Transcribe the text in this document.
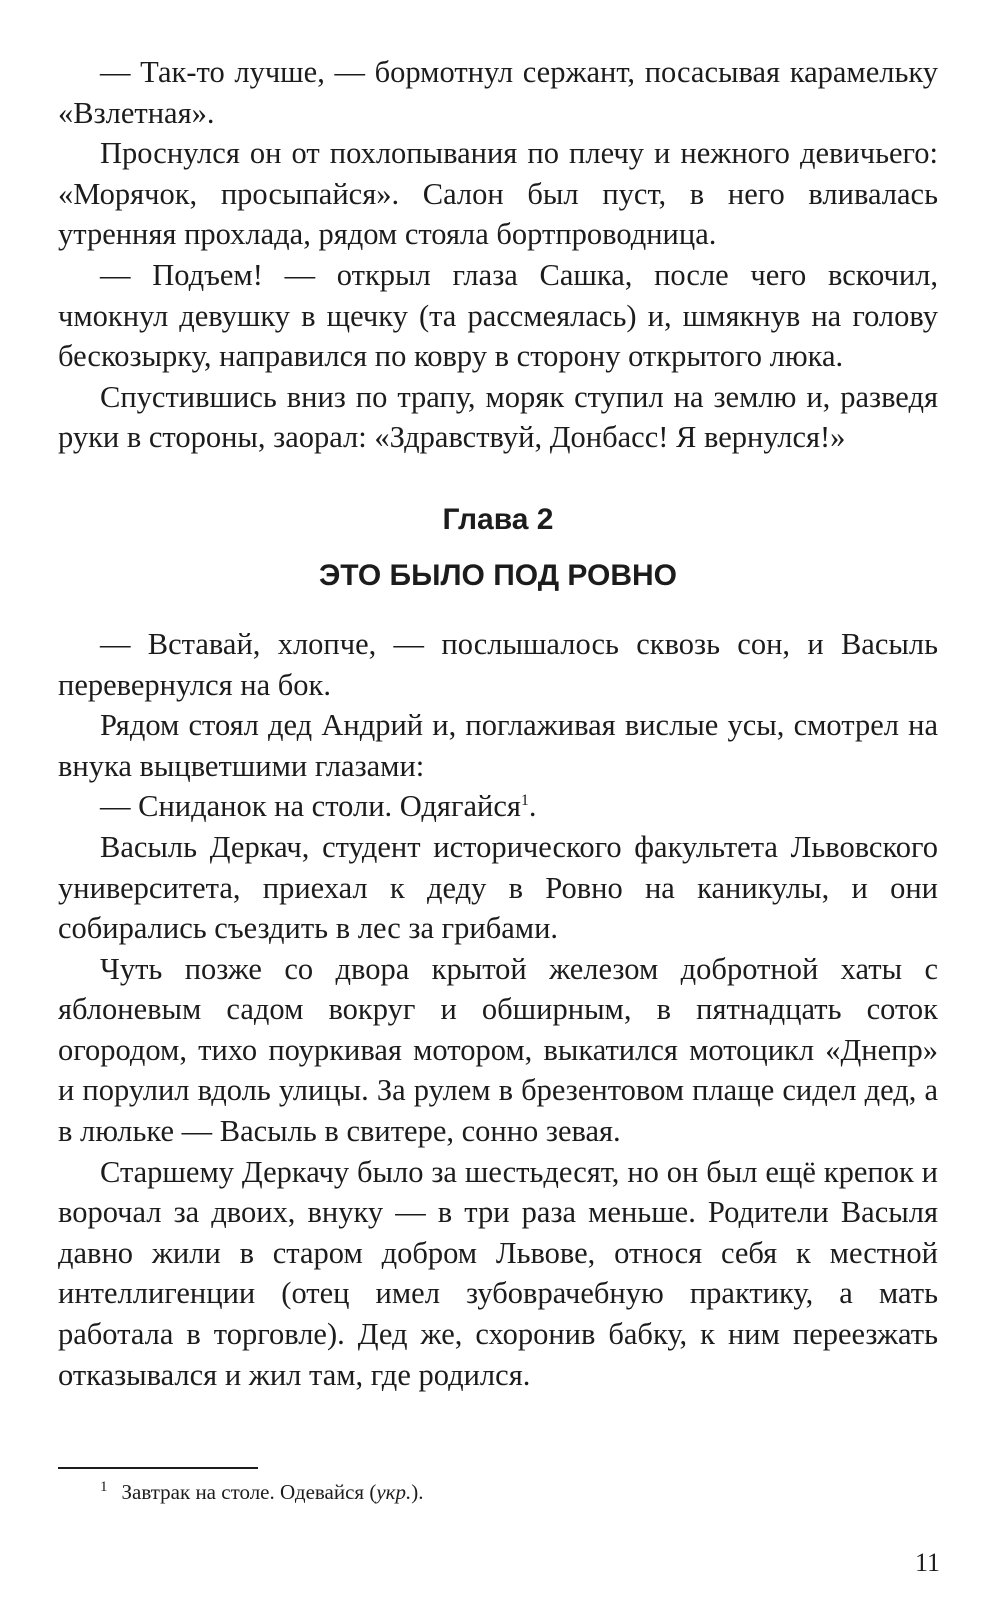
— Так-то лучше, — бормотнул сержант, посасывая карамельку «Взлетная».

Проснулся он от похлопывания по плечу и нежного девичьего: «Морячок, просыпайся». Салон был пуст, в него вливалась утренняя прохлада, рядом стояла бортпроводница.

— Подъем! — открыл глаза Сашка, после чего вскочил, чмокнул девушку в щечку (та рассмеялась) и, шмякнув на голову бескозырку, направился по ковру в сторону открытого люка.

Спустившись вниз по трапу, моряк ступил на землю и, разведя руки в стороны, заорал: «Здравствуй, Донбасс! Я вернулся!»

Глава 2
ЭТО БЫЛО ПОД РОВНО

— Вставай, хлопче, — послышалось сквозь сон, и Васыль перевернулся на бок.

Рядом стоял дед Андрий и, поглаживая вислые усы, смотрел на внука выцветшими глазами:

— Сниданок на столи. Одягайся$^1$.

Васыль Деркач, студент исторического факультета Львовского университета, приехал к деду в Ровно на каникулы, и они собирались съездить в лес за грибами.

Чуть позже со двора крытой железом добротной хаты с яблоневым садом вокруг и обширным, в пятнадцать соток огородом, тихо поуркивая мотором, выкатился мотоцикл «Днепр» и порулил вдоль улицы. За рулем в брезентовом плаще сидел дед, а в люльке — Васыль в свитере, сонно зевая.

Старшему Деркачу было за шестьдесят, но он был ещё крепок и ворочал за двоих, внуку — в три раза меньше. Родители Васыля давно жили в старом добром Львове, относя себя к местной интеллигенции (отец имел зубоврачебную практику, а мать работала в торговле). Дед же, схоронив бабку, к ним переезжать отказывался и жил там, где родился.

$^1$ Завтрак на столе. Одевайся (укр.).
11
